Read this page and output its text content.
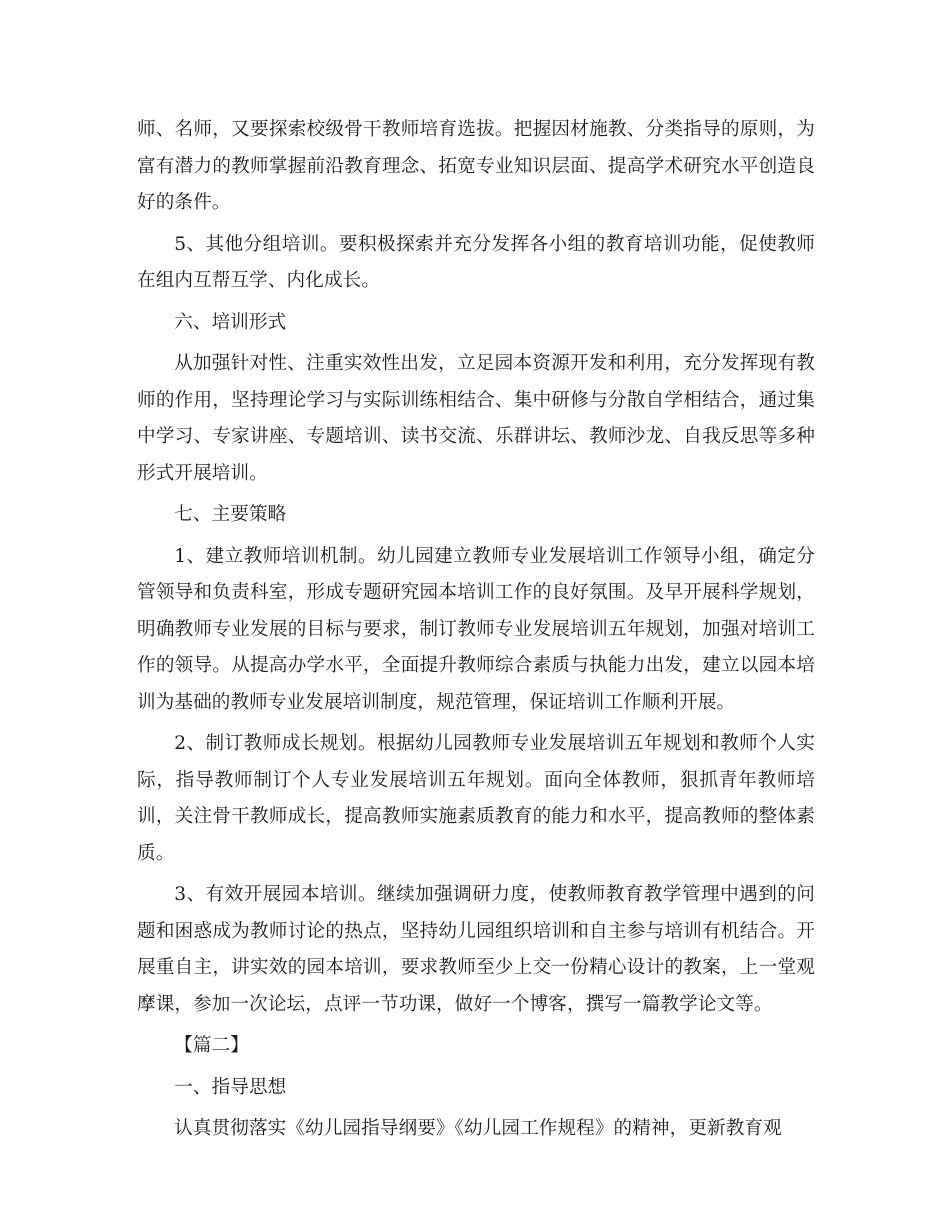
师、名师，又要探索校级骨干教师培育选拔。把握因材施教、分类指导的原则，为富有潜力的教师掌握前沿教育理念、拓宽专业知识层面、提高学术研究水平创造良好的条件。

5、其他分组培训。要积极探索并充分发挥各小组的教育培训功能，促使教师在组内互帮互学、内化成长。

六、培训形式

从加强针对性、注重实效性出发，立足园本资源开发和利用，充分发挥现有教师的作用，坚持理论学习与实际训练相结合、集中研修与分散自学相结合，通过集中学习、专家讲座、专题培训、读书交流、乐群讲坛、教师沙龙、自我反思等多种形式开展培训。

七、主要策略

1、建立教师培训机制。幼儿园建立教师专业发展培训工作领导小组，确定分管领导和负责科室，形成专题研究园本培训工作的良好氛围。及早开展科学规划，明确教师专业发展的目标与要求，制订教师专业发展培训五年规划，加强对培训工作的领导。从提高办学水平，全面提升教师综合素质与执能力出发，建立以园本培训为基础的教师专业发展培训制度，规范管理，保证培训工作顺利开展。

2、制订教师成长规划。根据幼儿园教师专业发展培训五年规划和教师个人实际，指导教师制订个人专业发展培训五年规划。面向全体教师，狠抓青年教师培训，关注骨干教师成长，提高教师实施素质教育的能力和水平，提高教师的整体素质。

3、有效开展园本培训。继续加强调研力度，使教师教育教学管理中遇到的问题和困惑成为教师讨论的热点，坚持幼儿园组织培训和自主参与培训有机结合。开展重自主，讲实效的园本培训，要求教师至少上交一份精心设计的教案，上一堂观摩课，参加一次论坛，点评一节功课，做好一个博客，撰写一篇教学论文等。

【篇二】

一、指导思想

认真贯彻落实《幼儿园指导纲要》《幼儿园工作规程》的精神，更新教育观
